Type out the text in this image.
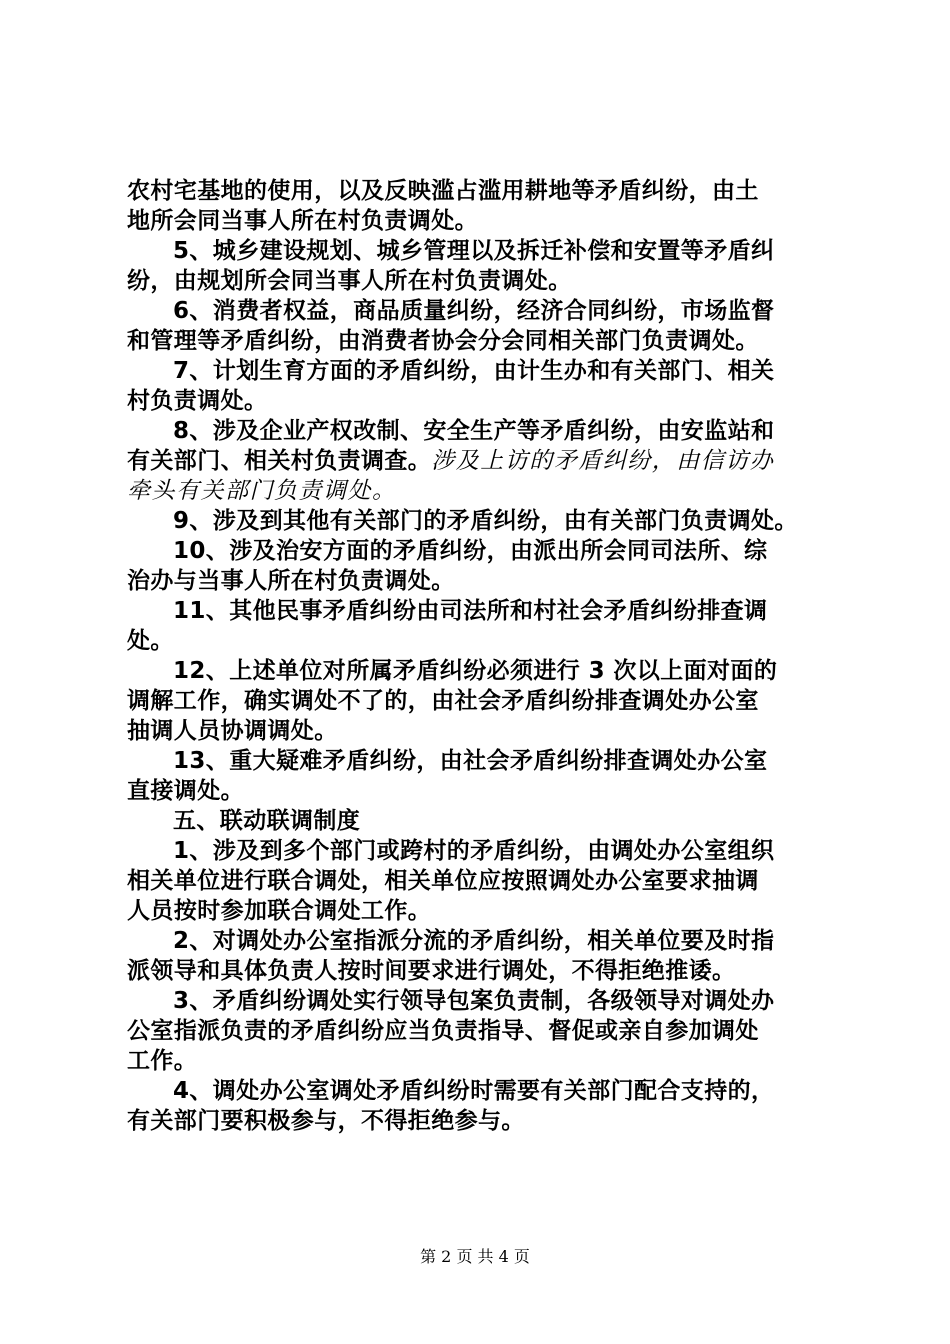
农村宅基地的使用，以及反映滥占滥用耕地等矛盾纠纷，由土
地所会同当事人所在村负责调处。
5、城乡建设规划、城乡管理以及拆迁补偿和安置等矛盾纠
纷，由规划所会同当事人所在村负责调处。
6、消费者权益，商品质量纠纷，经济合同纠纷，市场监督
和管理等矛盾纠纷，由消费者协会分会同相关部门负责调处。
7、计划生育方面的矛盾纠纷，由计生办和有关部门、相关
村负责调处。
8、涉及企业产权改制、安全生产等矛盾纠纷，由安监站和
有关部门、相关村负责调查。涉及上访的矛盾纠纷，由信访办
牵头有关部门负责调处。
9、涉及到其他有关部门的矛盾纠纷，由有关部门负责调处。
10、涉及治安方面的矛盾纠纷，由派出所会同司法所、综
治办与当事人所在村负责调处。
11、其他民事矛盾纠纷由司法所和村社会矛盾纠纷排查调
处。
12、上述单位对所属矛盾纠纷必须进行 3 次以上面对面的
调解工作，确实调处不了的，由社会矛盾纠纷排查调处办公室
抽调人员协调调处。
13、重大疑难矛盾纠纷，由社会矛盾纠纷排查调处办公室
直接调处。
五、联动联调制度
1、涉及到多个部门或跨村的矛盾纠纷，由调处办公室组织
相关单位进行联合调处，相关单位应按照调处办公室要求抽调
人员按时参加联合调处工作。
2、对调处办公室指派分流的矛盾纠纷，相关单位要及时指
派领导和具体负责人按时间要求进行调处，不得拒绝推诿。
3、矛盾纠纷调处实行领导包案负责制，各级领导对调处办
公室指派负责的矛盾纠纷应当负责指导、督促或亲自参加调处
工作。
4、调处办公室调处矛盾纠纷时需要有关部门配合支持的，
有关部门要积极参与，不得拒绝参与。
第 2 页 共 4 页
